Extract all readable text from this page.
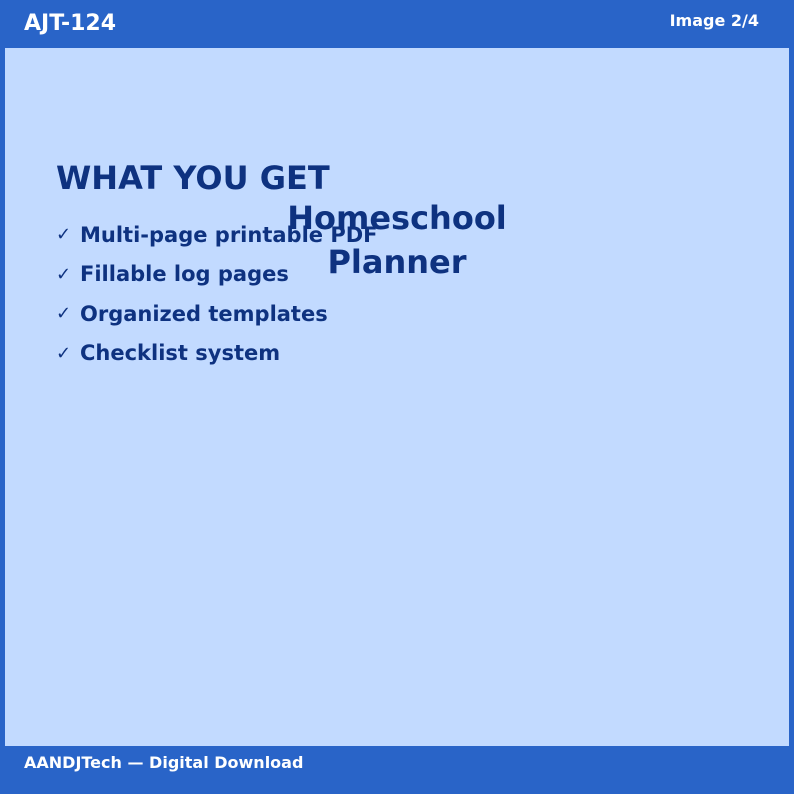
AJT-124	Image 2/4
WHAT YOU GET
✓ Multi-page printable PDF
✓ Fillable log pages
✓ Organized templates
✓ Checklist system
Homeschool
Planner
AANDJTech — Digital Download
